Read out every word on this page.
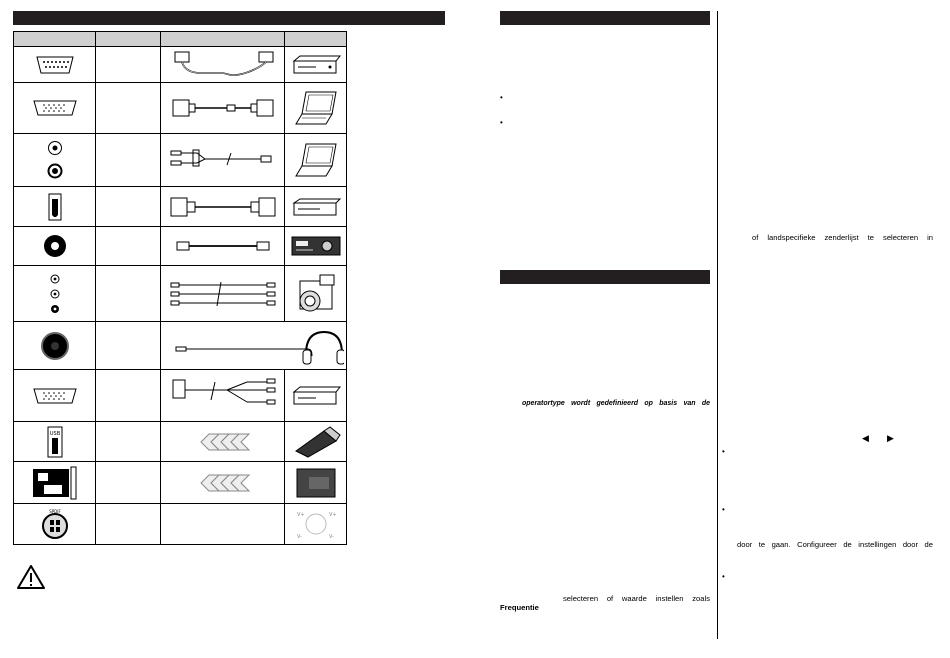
USB

SPDIF			V+ V+
V- V-
•
•
operatortype wordt gedefinieerd op basis van de
selecteren of waarde instellen zoals
Frequentie
of landspecifieke zenderlijst te selecteren in
◀ ▶
•
•
door te gaan. Configureer de instellingen door de
•
